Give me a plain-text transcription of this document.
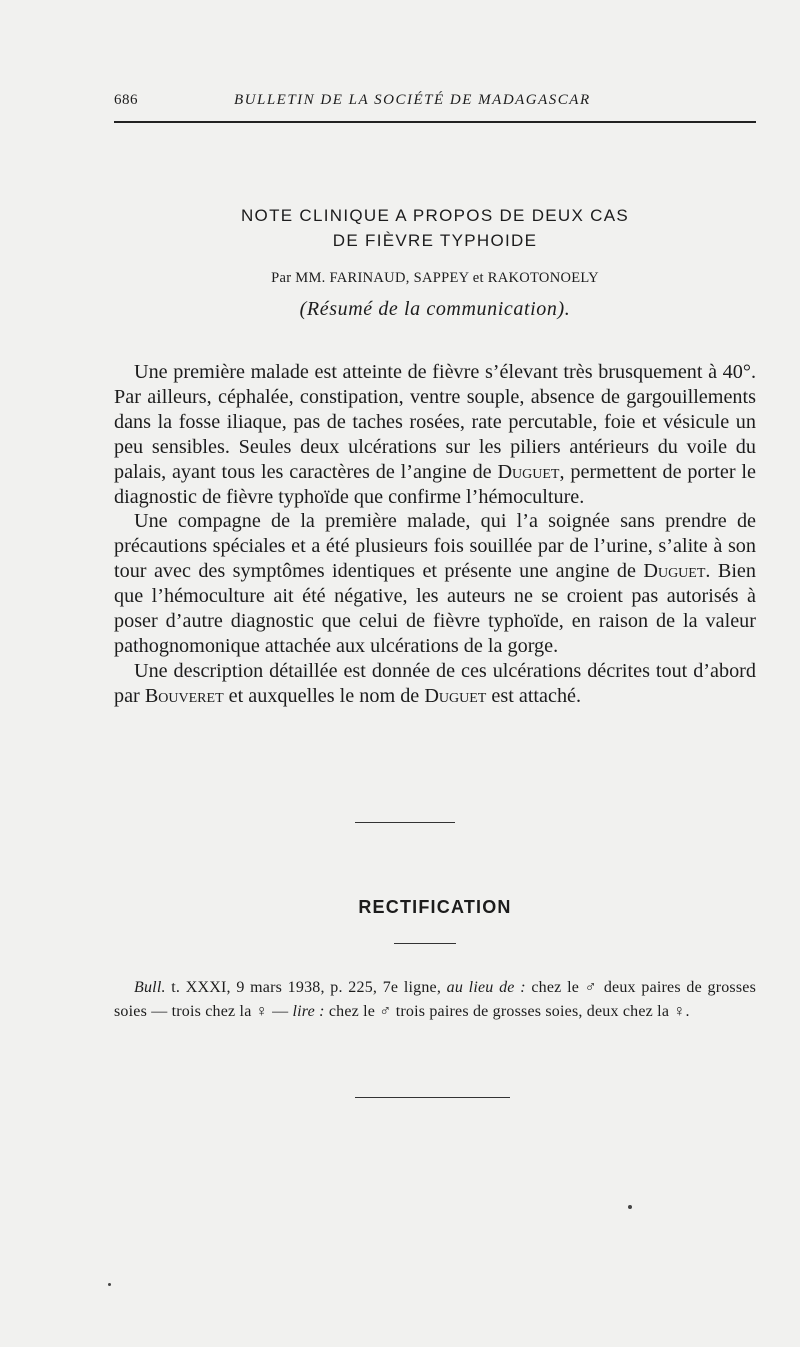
686	BULLETIN DE LA SOCIÉTÉ DE MADAGASCAR
NOTE CLINIQUE A PROPOS DE DEUX CAS
DE FIÈVRE TYPHOIDE
Par MM. FARINAUD, SAPPEY et RAKOTONOELY
(Résumé de la communication).

Une première malade est atteinte de fièvre s’élevant très brusquement à 40°. Par ailleurs, céphalée, constipation, ventre souple, absence de gargouillements dans la fosse iliaque, pas de taches rosées, rate percutable, foie et vésicule un peu sensibles. Seules deux ulcérations sur les piliers antérieurs du voile du palais, ayant tous les caractères de l’angine de Duguet, permettent de porter le diagnostic de fièvre typhoïde que confirme l’hémoculture.

Une compagne de la première malade, qui l’a soignée sans prendre de précautions spéciales et a été plusieurs fois souillée par de l’urine, s’alite à son tour avec des symptômes identiques et présente une angine de Duguet. Bien que l’hémoculture ait été négative, les auteurs ne se croient pas autorisés à poser d’autre diagnostic que celui de fièvre typhoïde, en raison de la valeur pathognomonique attachée aux ulcérations de la gorge.

Une description détaillée est donnée de ces ulcérations décrites tout d’abord par Bouveret et auxquelles le nom de Duguet est attaché.

RECTIFICATION

Bull. t. XXXI, 9 mars 1938, p. 225, 7e ligne, au lieu de : chez le ♂ deux paires de grosses soies — trois chez la ♀ — lire : chez le ♂ trois paires de grosses soies, deux chez la ♀.
